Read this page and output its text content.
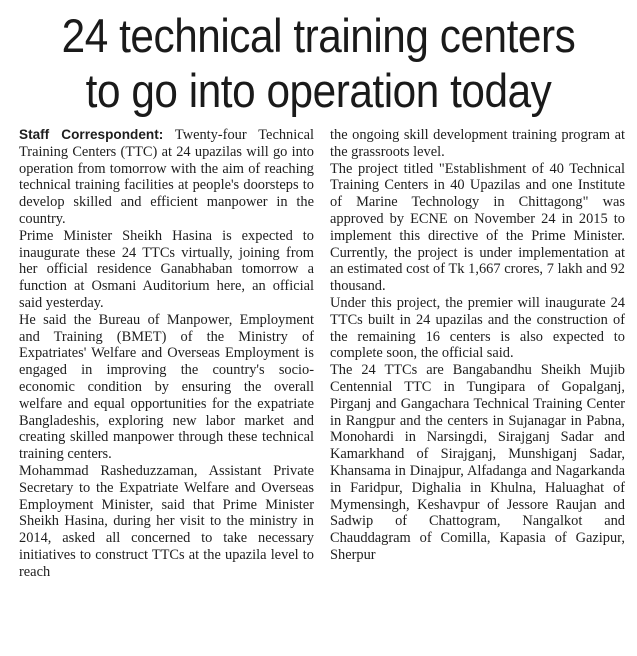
24 technical training centers
to go into operation today

Staff Correspondent: Twenty-four Technical Training Centers (TTC) at 24 upazilas will go into operation from tomorrow with the aim of reaching technical training facilities at people's doorsteps to develop skilled and efficient manpower in the country.

Prime Minister Sheikh Hasina is expected to inaugurate these 24 TTCs virtually, joining from her official residence Ganabhaban tomorrow a function at Osmani Auditorium here, an official said yesterday.

He said the Bureau of Manpower, Employment and Training (BMET) of the Ministry of Expatriates' Welfare and Overseas Employment is engaged in improving the country's socio-economic condition by ensuring the overall welfare and equal opportunities for the expatriate Bangladeshis, exploring new labor market and creating skilled manpower through these technical training centers.

Mohammad Rasheduzzaman, Assistant Private Secretary to the Expatriate Welfare and Overseas Employment Minister, said that Prime Minister Sheikh Hasina, during her visit to the ministry in 2014, asked all concerned to take necessary initiatives to construct TTCs at the upazila level to reach

the ongoing skill development training program at the grassroots level.

The project titled "Establishment of 40 Technical Training Centers in 40 Upazilas and one Institute of Marine Technology in Chittagong" was approved by ECNE on November 24 in 2015 to implement this directive of the Prime Minister. Currently, the project is under implementation at an estimated cost of Tk 1,667 crores, 7 lakh and 92 thousand.

Under this project, the premier will inaugurate 24 TTCs built in 24 upazilas and the construction of the remaining 16 centers is also expected to complete soon, the official said.

The 24 TTCs are Bangabandhu Sheikh Mujib Centennial TTC in Tungipara of Gopalganj, Pirganj and Gangachara Technical Training Center in Rangpur and the centers in Sujanagar in Pabna, Monohardi in Narsingdi, Sirajganj Sadar and Kamarkhand of Sirajganj, Munshiganj Sadar, Khansama in Dinajpur, Alfadanga and Nagarkanda in Faridpur, Dighalia in Khulna, Haluaghat of Mymensingh, Keshavpur of Jessore Raujan and Sadwip of Chattogram, Nangalkot and Chauddagram of Comilla, Kapasia of Gazipur, Sherpur
